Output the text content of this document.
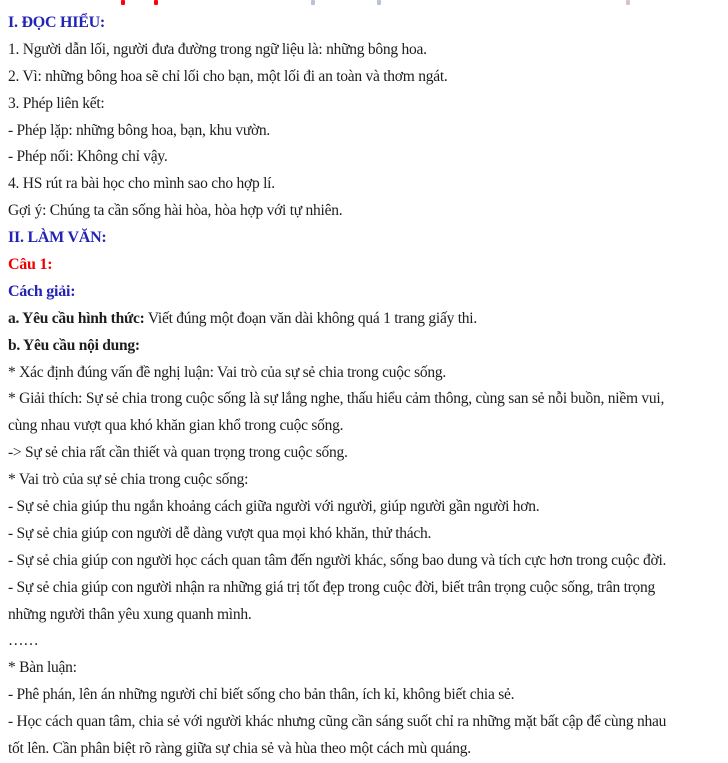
I. ĐỌC HIỂU:
1. Người dẫn lối, người đưa đường trong ngữ liệu là: những bông hoa.
2. Vì: những bông hoa sẽ chỉ lối cho bạn, một lối đi an toàn và thơm ngát.
3. Phép liên kết:
- Phép lặp: những bông hoa, bạn, khu vườn.
- Phép nối: Không chỉ vậy.
4. HS rút ra bài học cho mình sao cho hợp lí.
Gợi ý: Chúng ta cần sống hài hòa, hòa hợp với tự nhiên.
II. LÀM VĂN:
Câu 1:
Cách giải:
a. Yêu cầu hình thức: Viết đúng một đoạn văn dài không quá 1 trang giấy thi.
b. Yêu cầu nội dung:
* Xác định đúng vấn đề nghị luận: Vai trò của sự sẻ chia trong cuộc sống.
* Giải thích: Sự sẻ chia trong cuộc sống là sự lắng nghe, thấu hiểu cảm thông, cùng san sẻ nỗi buồn, niềm vui,
cùng nhau vượt qua khó khăn gian khổ trong cuộc sống.
-> Sự sẻ chia rất cần thiết và quan trọng trong cuộc sống.
* Vai trò của sự sẻ chia trong cuộc sống:
- Sự sẻ chia giúp thu ngắn khoảng cách giữa người với người, giúp người gần người hơn.
- Sự sẻ chia giúp con người dễ dàng vượt qua mọi khó khăn, thử thách.
- Sự sẻ chia giúp con người học cách quan tâm đến người khác, sống bao dung và tích cực hơn trong cuộc đời.
- Sự sẻ chia giúp con người nhận ra những giá trị tốt đẹp trong cuộc đời, biết trân trọng cuộc sống, trân trọng
những người thân yêu xung quanh mình.
……
* Bàn luận:
- Phê phán, lên án những người chỉ biết sống cho bản thân, ích kỉ, không biết chia sẻ.
- Học cách quan tâm, chia sẻ với người khác nhưng cũng cần sáng suốt chỉ ra những mặt bất cập để cùng nhau
tốt lên. Cần phân biệt rõ ràng giữa sự chia sẻ và hùa theo một cách mù quáng.
